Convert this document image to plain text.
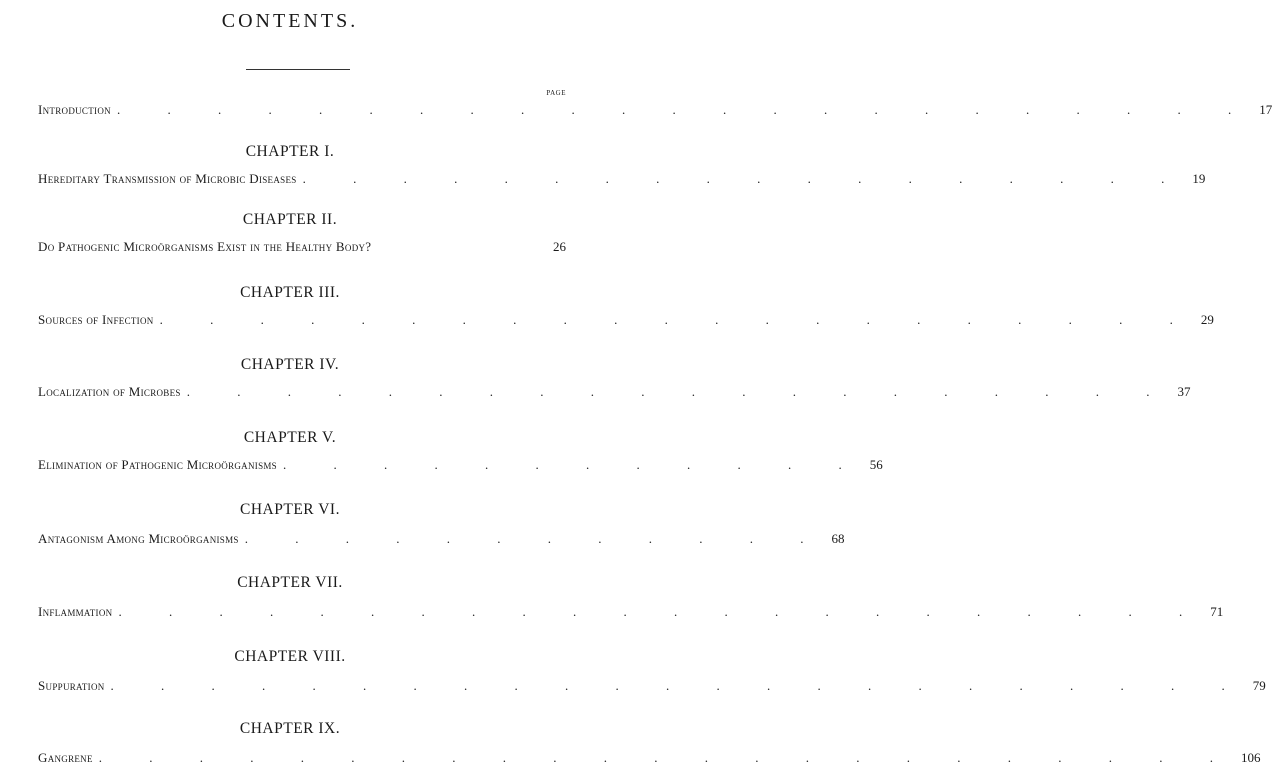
CONTENTS.
PAGE
Introduction . . . . . . . . . . . . . . . . . . . . . . . 17
CHAPTER I.
Hereditary Transmission of Microbic Diseases . . . . . . . . . . . . . . . . . . 19
CHAPTER II.
Do Pathogenic Microörganisms Exist in the Healthy Body?	26
CHAPTER III.
Sources of Infection . . . . . . . . . . . . . . . . . . . . . 29
CHAPTER IV.
Localization of Microbes . . . . . . . . . . . . . . . . . . . . 37
CHAPTER V.
Elimination of Pathogenic Microörganisms . . . . . . . . . . . . 56
CHAPTER VI.
Antagonism Among Microörganisms . . . . . . . . . . . . 68
CHAPTER VII.
Inflammation . . . . . . . . . . . . . . . . . . . . . . 71
CHAPTER VIII.
Suppuration . . . . . . . . . . . . . . . . . . . . . . . 79
CHAPTER IX.
Gangrene . . . . . . . . . . . . . . . . . . . . . . . 106
